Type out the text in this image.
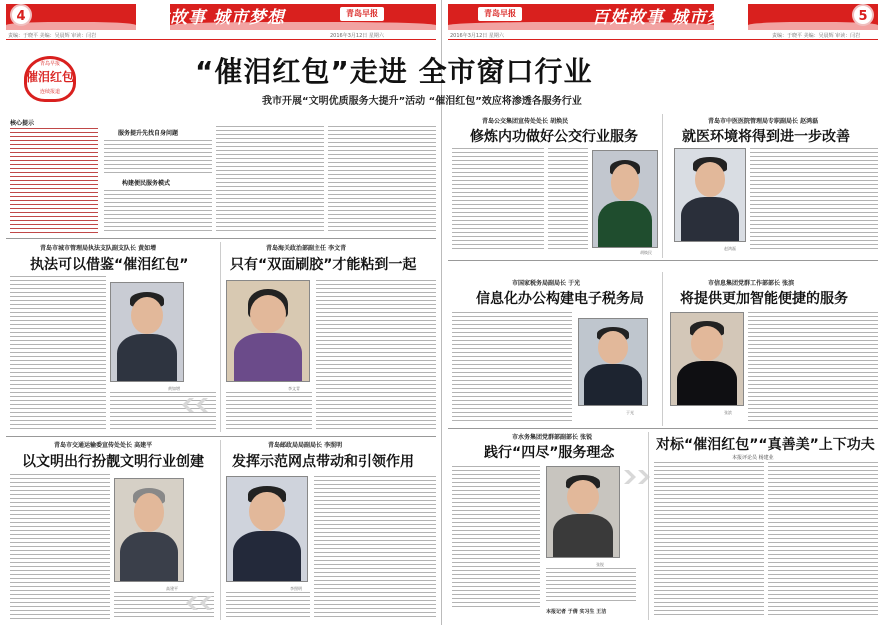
4	青岛早报
百姓故事 城市梦想
责编：于晓平 美编：吴晨辉 审读：闫岩	2016年3月12日 星期六
青岛早报
催泪红包
连续报道
核心提示
服务提升先找自身问题
构建便民服务模式
青岛市城市管理局执法支队副支队长 黄如增
执法可以借鉴“催泪红包”
黄如增
青岛海关政治部副主任 李文青
只有“双面刷胶”才能粘到一起
李文青
青岛市交通运输委宣传处处长 高建平
以文明出行扮靓文明行业创建
高建平
青岛邮政局局副局长 李照明
发挥示范网点带动和引领作用
李照明
青岛早报	百姓故事 城市梦想	5
2016年3月12日 星期六	责编：于晓平 美编：吴晨辉 审读：闫岩
青岛公交集团宣传处处长 胡焕民
修炼内功做好公交行业服务
胡焕民
青岛市中医医院管理局专职副局长 赵鸿磊
就医环境将得到进一步改善
赵鸿磊
市国家税务局副局长 于光
信息化办公构建电子税务局
于光
市信息集团党群工作部部长 张滨
将提供更加智能便捷的服务
张滨
市水务集团党群部副部长 张锐
践行“四尽”服务理念
张锐
本报记者 于倩 实习生 王洁
对标“催泪红包”“真善美”上下功夫
本报评论员 杨建业
“催泪红包”走进 全市窗口行业
我市开展“文明优质服务大提升”活动 “催泪红包”效应将渗透各服务行业
